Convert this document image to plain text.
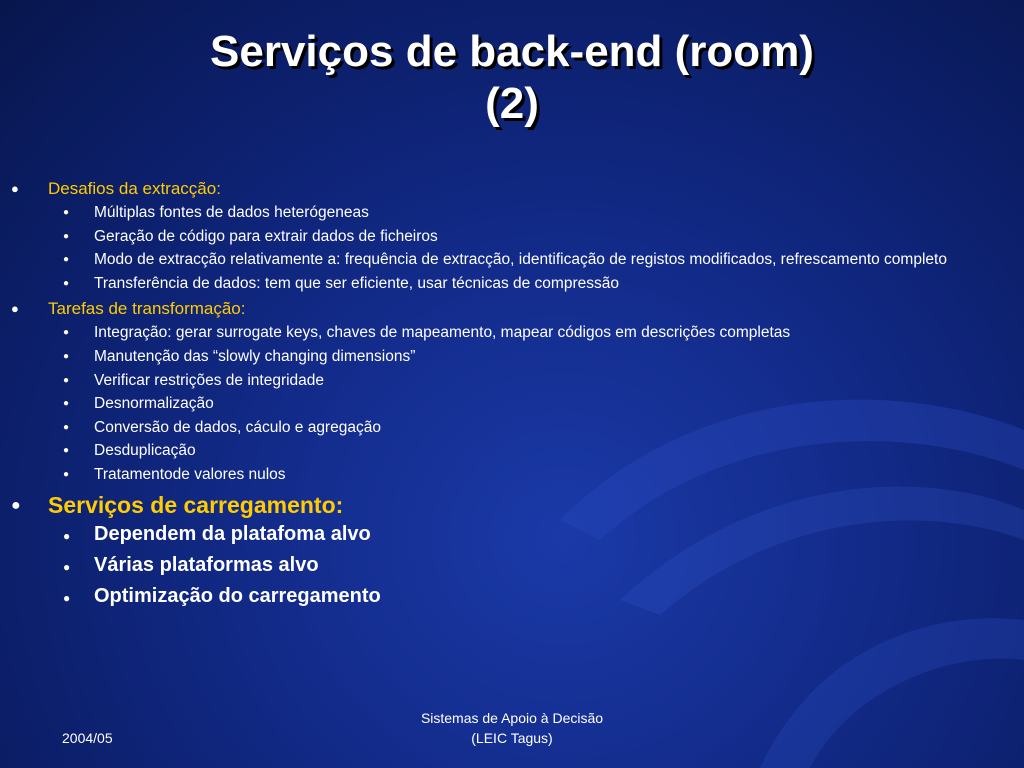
Serviços de back-end (room)
(2)
● Desafios da extracção:
● Múltiplas fontes de dados heterógeneas
● Geração de código para extrair dados de ficheiros
● Modo de extracção relativamente a: frequência de extracção, identificação de registos modificados, refrescamento completo
● Transferência de dados: tem que ser eficiente, usar técnicas de compressão
● Tarefas de transformação:
● Integração: gerar surrogate keys, chaves de mapeamento, mapear códigos em descrições completas
● Manutenção das “slowly changing dimensions”
● Verificar restrições de integridade
● Desnormalização
● Conversão de dados, cáculo e agregação
● Desduplicação
● Tratamentode valores nulos
● Serviços de carregamento:
● Dependem da platafoma alvo
● Várias plataformas alvo
● Optimização do carregamento
2004/05
Sistemas de Apoio à Decisão
(LEIC Tagus)
